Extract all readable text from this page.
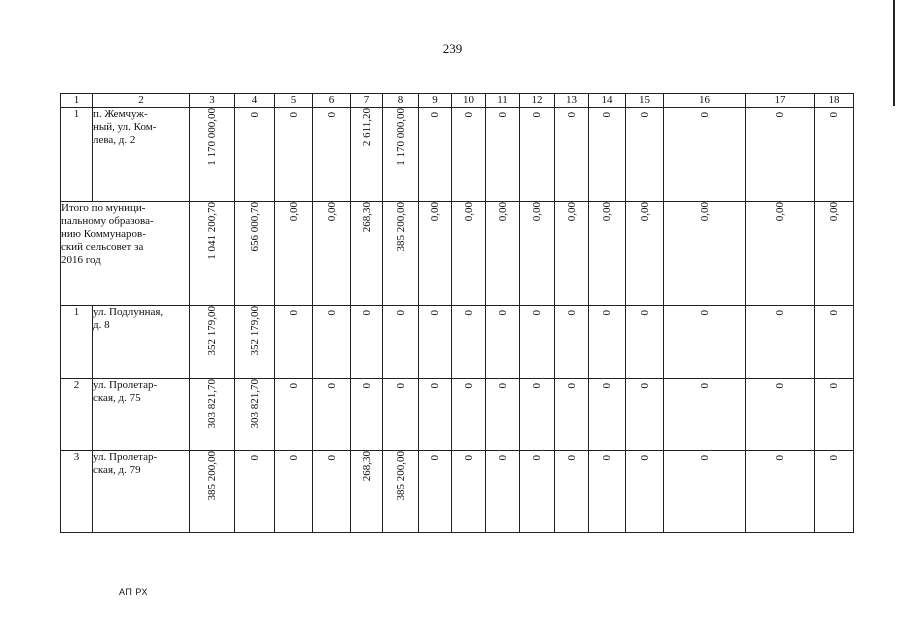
239
1	2	3	4	5	6	7	8	9	10	11	12	13	14	15	16	17	18
1	п. Жемчуж-
ный, ул. Ком-
лева, д. 2	1 170 000,00	0	0	0	2 611,20	1 170 000,00	0	0	0	0	0	0	0	0	0	0
Итого по муници-
пальному образова-
нию Коммунаров-
ский сельсовет за
2016 год		1 041 200,70	656 000,70	0,00	0,00	268,30	385 200,00	0,00	0,00	0,00	0,00	0,00	0,00	0,00	0,00	0,00	0,00
1	ул. Подлунная,
д. 8	352 179,00	352 179,00	0	0	0	0	0	0	0	0	0	0	0	0	0	0
2	ул. Пролетар-
ская, д. 75	303 821,70	303 821,70	0	0	0	0	0	0	0	0	0	0	0	0	0	0
3	ул. Пролетар-
ская, д. 79	385 200,00	0	0	0	268,30	385 200,00	0	0	0	0	0	0	0	0	0	0
АП РХ
